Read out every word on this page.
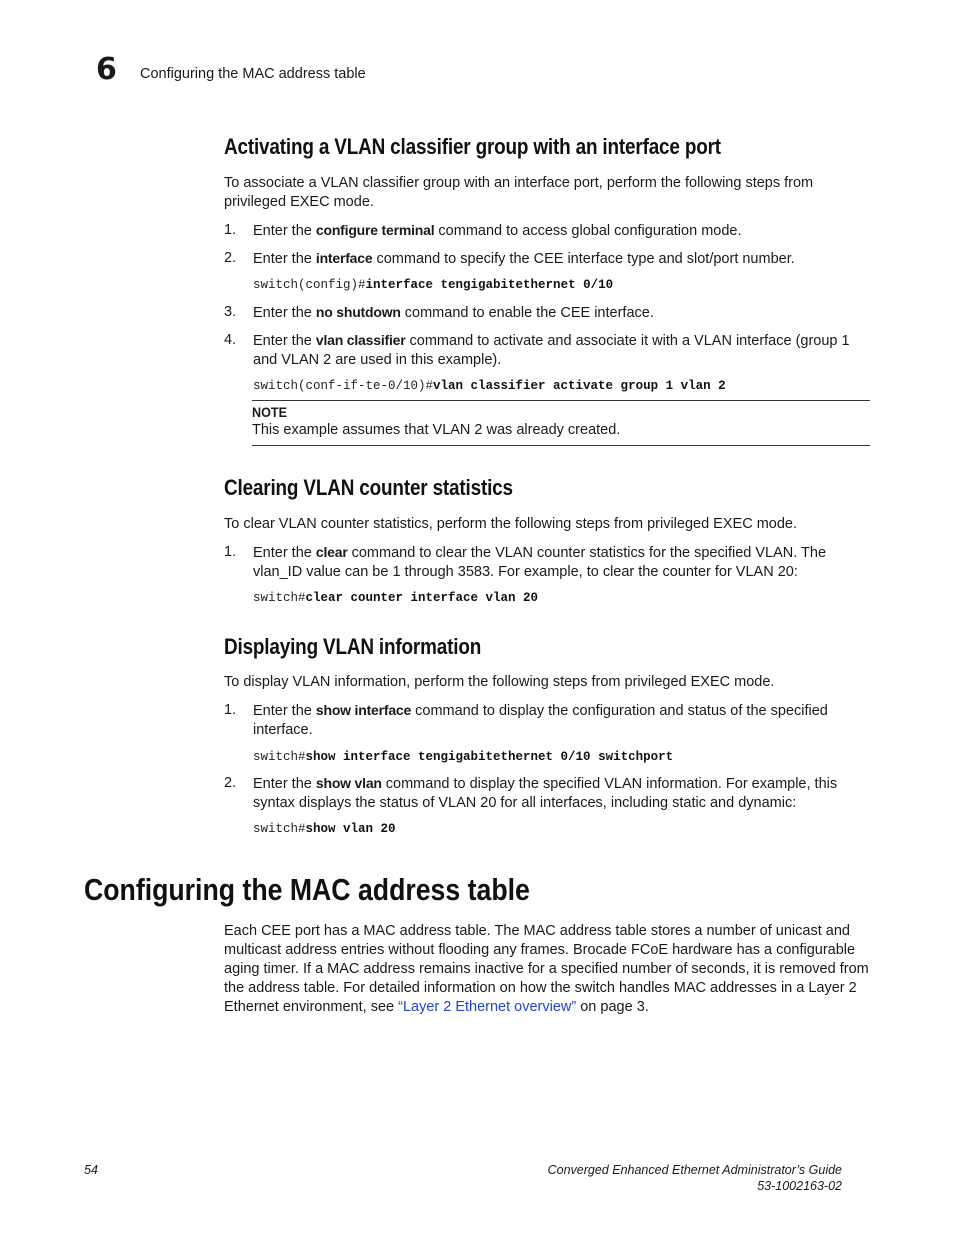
6 Configuring the MAC address table
Activating a VLAN classifier group with an interface port
To associate a VLAN classifier group with an interface port, perform the following steps from privileged EXEC mode.
1. Enter the configure terminal command to access global configuration mode.
2. Enter the interface command to specify the CEE interface type and slot/port number.
switch(config)#interface tengigabitethernet 0/10
3. Enter the no shutdown command to enable the CEE interface.
4. Enter the vlan classifier command to activate and associate it with a VLAN interface (group 1 and VLAN 2 are used in this example).
switch(conf-if-te-0/10)#vlan classifier activate group 1 vlan 2
NOTE
This example assumes that VLAN 2 was already created.
Clearing VLAN counter statistics
To clear VLAN counter statistics, perform the following steps from privileged EXEC mode.
1. Enter the clear command to clear the VLAN counter statistics for the specified VLAN. The vlan_ID value can be 1 through 3583. For example, to clear the counter for VLAN 20:
switch#clear counter interface vlan 20
Displaying VLAN information
To display VLAN information, perform the following steps from privileged EXEC mode.
1. Enter the show interface command to display the configuration and status of the specified interface.
switch#show interface tengigabitethernet 0/10 switchport
2. Enter the show vlan command to display the specified VLAN information. For example, this syntax displays the status of VLAN 20 for all interfaces, including static and dynamic:
switch#show vlan 20
Configuring the MAC address table
Each CEE port has a MAC address table. The MAC address table stores a number of unicast and multicast address entries without flooding any frames. Brocade FCoE hardware has a configurable aging timer. If a MAC address remains inactive for a specified number of seconds, it is removed from the address table. For detailed information on how the switch handles MAC addresses in a Layer 2 Ethernet environment, see “Layer 2 Ethernet overview” on page 3.
54	Converged Enhanced Ethernet Administrator’s Guide
53-1002163-02
